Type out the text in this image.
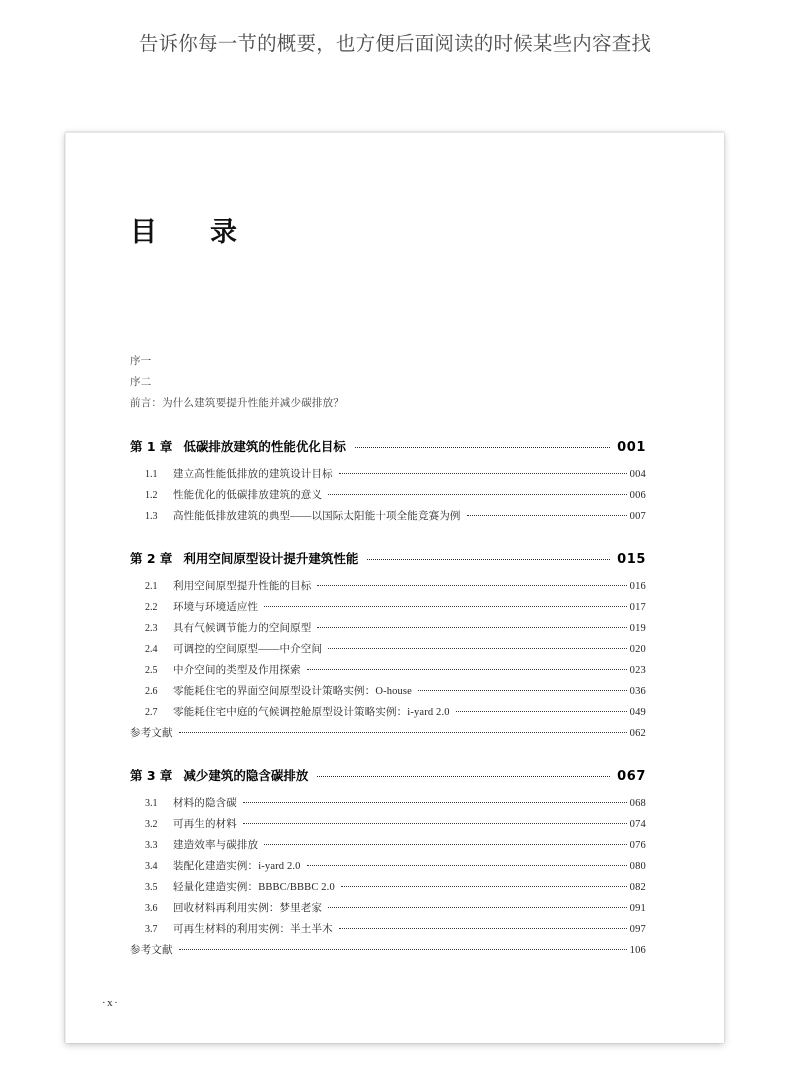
告诉你每一节的概要，也方便后面阅读的时候某些内容查找
目　录
序一
序二
前言：为什么建筑要提升性能并减少碳排放？
第 1 章 低碳排放建筑的性能优化目标	001
1.1	建立高性能低排放的建筑设计目标	004
1.2	性能优化的低碳排放建筑的意义	006
1.3	高性能低排放建筑的典型——以国际太阳能十项全能竞赛为例	007
第 2 章 利用空间原型设计提升建筑性能	015
2.1	利用空间原型提升性能的目标	016
2.2	环境与环境适应性	017
2.3	具有气候调节能力的空间原型	019
2.4	可调控的空间原型——中介空间	020
2.5	中介空间的类型及作用探索	023
2.6	零能耗住宅的界面空间原型设计策略实例：O-house	036
2.7	零能耗住宅中庭的气候调控舱原型设计策略实例：i-yard 2.0	049
参考文献	062
第 3 章 减少建筑的隐含碳排放	067
3.1	材料的隐含碳	068
3.2	可再生的材料	074
3.3	建造效率与碳排放	076
3.4	装配化建造实例：i-yard 2.0	080
3.5	轻量化建造实例：BBBC/BBBC 2.0	082
3.6	回收材料再利用实例：梦里老家	091
3.7	可再生材料的利用实例：半土半木	097
参考文献	106
·x·
